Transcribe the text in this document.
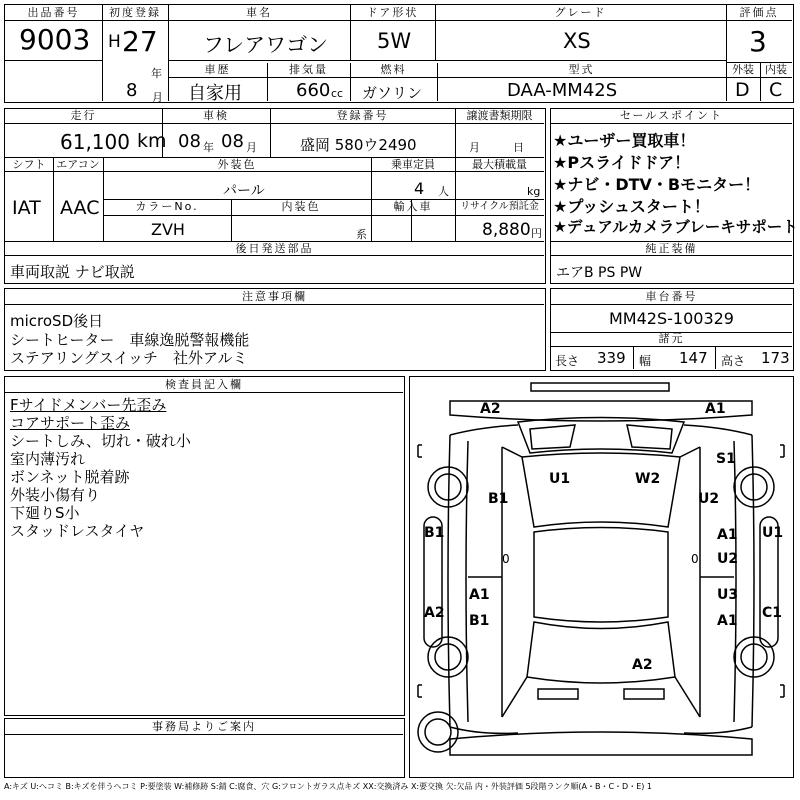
出品番号
9003
初度登録
H 27
年
8 月
車名
フレアワゴン
ドア形状
5W
グレード
XS
評価点
3
車歴
自家用
排気量
660 cc
燃料
ガソリン
型式
DAA-MM42S
外装	内装
D C
走行
61,100 km
車検
08 年 08 月
登録番号
盛岡 580ウ2490
譲渡書類期限
月	日
シフト
IAT
エアコン
AAC
外装色
パール
乗車定員
4 人
最大積載量
kg
カラーNo.
ZVH
内装色
系
輸入車	リサイクル預託金
8,880 円
後日発送部品
車両取説 ナビ取説
セールスポイント
★ユーザー買取車！
★Pスライドドア！
★ナビ・DTV・Bモニター！
★プッシュスタート！
★デュアルカメラブレーキサポート
純正装備
エアB PS PW
注意事項欄
microSD後日
シートヒーター　車線逸脱警報機能
ステアリングスイッチ　社外アルミ
車台番号
MM42S-100329
諸元
長さ 339 幅 147 高さ 173
検査員記入欄
Fサイドメンバー先歪み
コアサポート歪み
シートしみ、切れ・破れ小
室内薄汚れ
ボンネット脱着跡
外装小傷有り
下廻りS小
スタッドレスタイヤ
事務局よりご案内
A2	A1
U1	W2
S1
B1	U2
B1	U1
A1
U2
A1
B1
U3
A1
A2	C1
A2
0	0
A:キズ U:ヘコミ B:キズを伴うヘコミ P:要塗装 W:補修跡 S:錆 C:腐食、穴 G:フロントガラス点キズ XX:交換済み X:要交換 欠:欠品 内・外装評価 5段階ランク順(A・B・C・D・E) 1
